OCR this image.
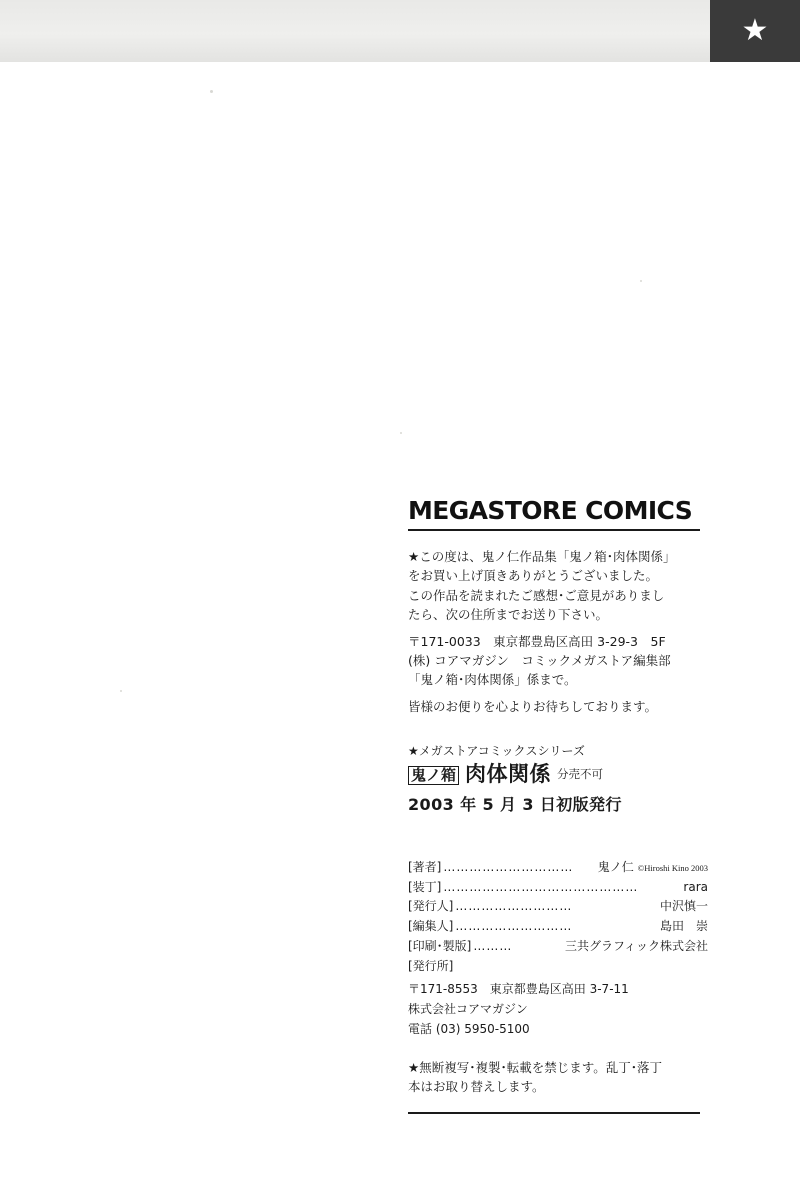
★
MEGASTORE COMICS

★この度は、鬼ノ仁作品集「鬼ノ箱･肉体関係」

をお買い上げ頂きありがとうございました。

この作品を読まれたご感想･ご意見がありまし

たら、次の住所までお送り下さい。

〒171-0033　東京都豊島区高田 3-29-3　5F

(株) コアマガジン　コミックメガストア編集部

「鬼ノ箱･肉体関係」係まで。

皆様のお便りを心よりお待ちしております。

★メガストアコミックスシリーズ
鬼ノ箱 肉体関係 分売不可
2003 年 5 月 3 日初版発行
[著者] …………………………	鬼ノ仁 ©Hiroshi Kino 2003
[装丁] ………………………………………	rara
[発行人] ………………………	中沢慎一
[編集人] ………………………	島田　崇
[印刷･製版] ………	三共グラフィック株式会社
[発行所]
〒171-8553　東京都豊島区高田 3-7-11
株式会社コアマガジン
電話 (03) 5950-5100
★無断複写･複製･転載を禁じます。乱丁･落丁
本はお取り替えします。
